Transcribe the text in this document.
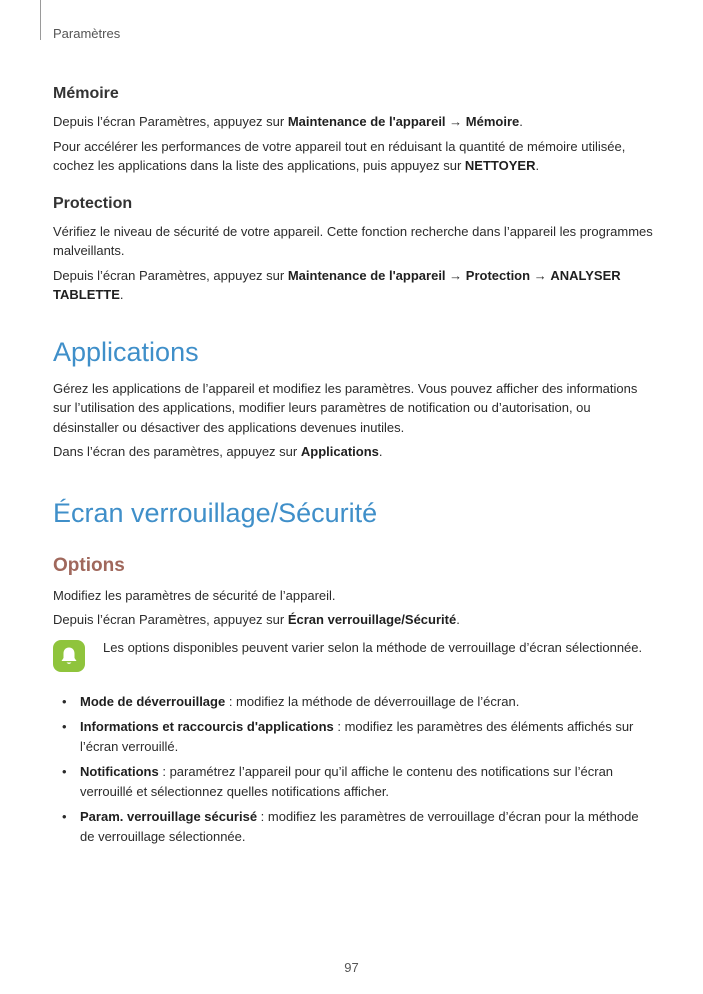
Paramètres
Mémoire

Depuis l’écran Paramètres, appuyez sur Maintenance de l'appareil → Mémoire.

Pour accélérer les performances de votre appareil tout en réduisant la quantité de mémoire utilisée, cochez les applications dans la liste des applications, puis appuyez sur NETTOYER.

Protection

Vérifiez le niveau de sécurité de votre appareil. Cette fonction recherche dans l’appareil les programmes malveillants.

Depuis l’écran Paramètres, appuyez sur Maintenance de l'appareil → Protection → ANALYSER TABLETTE.

Applications

Gérez les applications de l’appareil et modifiez les paramètres. Vous pouvez afficher des informations sur l’utilisation des applications, modifier leurs paramètres de notification ou d’autorisation, ou désinstaller ou désactiver des applications devenues inutiles.

Dans l’écran des paramètres, appuyez sur Applications.

Écran verrouillage/Sécurité
Options

Modifiez les paramètres de sécurité de l’appareil.

Depuis l’écran Paramètres, appuyez sur Écran verrouillage/Sécurité.

Les options disponibles peuvent varier selon la méthode de verrouillage d’écran sélectionnée.

• Mode de déverrouillage : modifiez la méthode de déverrouillage de l’écran.
• Informations et raccourcis d'applications : modifiez les paramètres des éléments affichés sur l’écran verrouillé.
• Notifications : paramétrez l’appareil pour qu’il affiche le contenu des notifications sur l’écran verrouillé et sélectionnez quelles notifications afficher.
• Param. verrouillage sécurisé : modifiez les paramètres de verrouillage d’écran pour la méthode de verrouillage sélectionnée.
97
